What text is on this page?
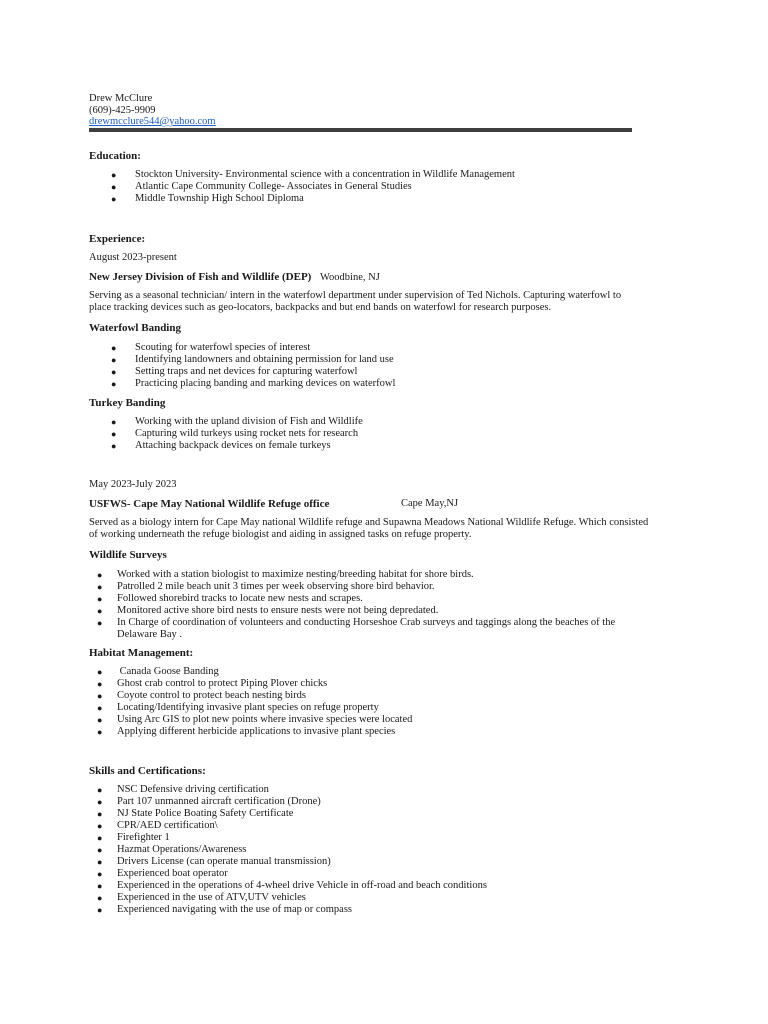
Drew McClure
(609)-425-9909
drewmcclure544@yahoo.com
Education:
● Stockton University- Environmental science with a concentration in Wildlife Management
● Atlantic Cape Community College- Associates in General Studies
● Middle Township High School Diploma
Experience:
August 2023-present
New Jersey Division of Fish and Wildlife (DEP) Woodbine, NJ
Serving as a seasonal technician/ intern in the waterfowl department under supervision of Ted Nichols. Capturing waterfowl to
place tracking devices such as geo-locators, backpacks and but end bands on waterfowl for research purposes.
Waterfowl Banding
● Scouting for waterfowl species of interest
● Identifying landowners and obtaining permission for land use
● Setting traps and net devices for capturing waterfowl
● Practicing placing banding and marking devices on waterfowl
Turkey Banding
● Working with the upland division of Fish and Wildlife
● Capturing wild turkeys using rocket nets for research
● Attaching backpack devices on female turkeys
May 2023-July 2023
USFWS- Cape May National Wildlife Refuge office	Cape May,NJ
Served as a biology intern for Cape May national Wildlife refuge and Supawna Meadows National Wildlife Refuge. Which consisted
of working underneath the refuge biologist and aiding in assigned tasks on refuge property.
Wildlife Surveys
● Worked with a station biologist to maximize nesting/breeding habitat for shore birds.
● Patrolled 2 mile beach unit 3 times per week observing shore bird behavior.
● Followed shorebird tracks to locate new nests and scrapes.
● Monitored active shore bird nests to ensure nests were not being depredated.
● In Charge of coordination of volunteers and conducting Horseshoe Crab surveys and taggings along the beaches of the
Delaware Bay .
Habitat Management:
● Canada Goose Banding
● Ghost crab control to protect Piping Plover chicks
● Coyote control to protect beach nesting birds
● Locating/Identifying invasive plant species on refuge property
● Using Arc GIS to plot new points where invasive species were located
● Applying different herbicide applications to invasive plant species
Skills and Certifications:
● NSC Defensive driving certification
● Part 107 unmanned aircraft certification (Drone)
● NJ State Police Boating Safety Certificate
● CPR/AED certification\
● Firefighter 1
● Hazmat Operations/Awareness
● Drivers License (can operate manual transmission)
● Experienced boat operator
● Experienced in the operations of 4-wheel drive Vehicle in off-road and beach conditions
● Experienced in the use of ATV,UTV vehicles
● Experienced navigating with the use of map or compass
